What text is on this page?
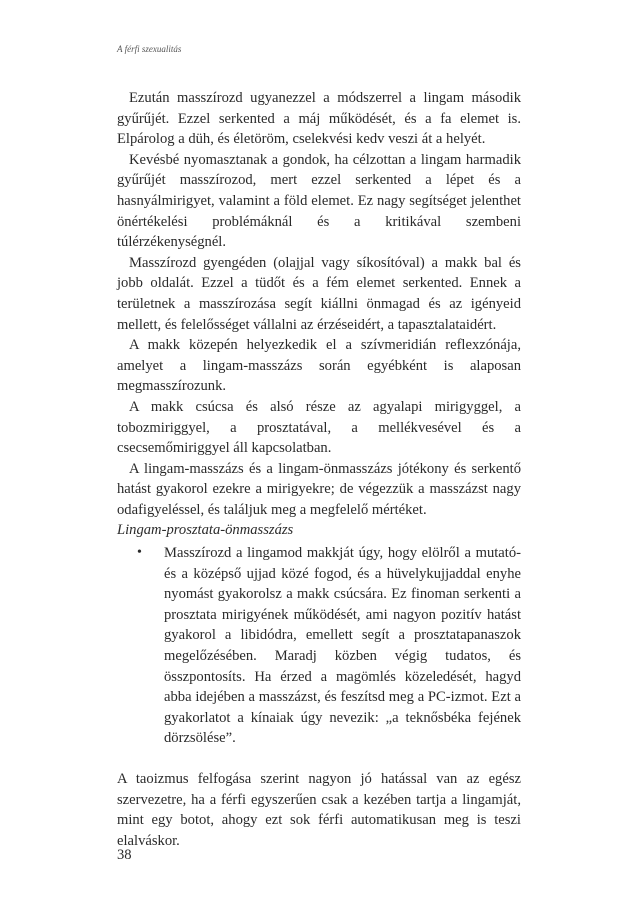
A férfi szexualitás

Ezután masszírozd ugyanezzel a módszerrel a lingam második gyűrűjét. Ezzel serkented a máj működését, és a fa elemet is. Elpárolog a düh, és életöröm, cselekvési kedv veszi át a helyét.

Kevésbé nyomasztanak a gondok, ha célzottan a lingam harmadik gyűrűjét masszírozod, mert ezzel serkented a lépet és a hasnyálmirigyet, valamint a föld elemet. Ez nagy segítséget jelenthet önértékelési problémáknál és a kritikával szembeni túlérzékenységnél.

Masszírozd gyengéden (olajjal vagy síkosítóval) a makk bal és jobb oldalát. Ezzel a tüdőt és a fém elemet serkented. Ennek a területnek a masszírozása segít kiállni önmagad és az igényeid mellett, és felelősséget vállalni az érzéseidért, a tapasztalataidért.

A makk közepén helyezkedik el a szívmeridián reflexzónája, amelyet a lingam-masszázs során egyébként is alaposan megmasszírozunk.

A makk csúcsa és alsó része az agyalapi mirigyggel, a tobozmiriggyel, a prosztatával, a mellékvesével és a csecsemőmiriggyel áll kapcsolatban.

A lingam-masszázs és a lingam-önmasszázs jótékony és serkentő hatást gyakorol ezekre a mirigyekre; de végezzük a masszázst nagy odafigyeléssel, és találjuk meg a megfelelő mértéket.

Lingam-prosztata-önmasszázs

• Masszírozd a lingamod makkját úgy, hogy elölről a mutató- és a középső ujjad közé fogod, és a hüvelykujjaddal enyhe nyomást gyakorolsz a makk csúcsára. Ez finoman serkenti a prosztata mirigyének működését, ami nagyon pozitív hatást gyakorol a libidódra, emellett segít a prosztatapanaszok megelőzésében. Maradj közben végig tudatos, és összpontosíts. Ha érzed a magömlés közeledését, hagyd abba idejében a masszázst, és feszítsd meg a PC-izmot. Ezt a gyakorlatot a kínaiak úgy nevezik: „a teknősbéka fejének dörzsölése”.

A taoizmus felfogása szerint nagyon jó hatással van az egész szervezetre, ha a férfi egyszerűen csak a kezében tartja a lingamját, mint egy botot, ahogy ezt sok férfi automatikusan meg is teszi elalváskor.

38
